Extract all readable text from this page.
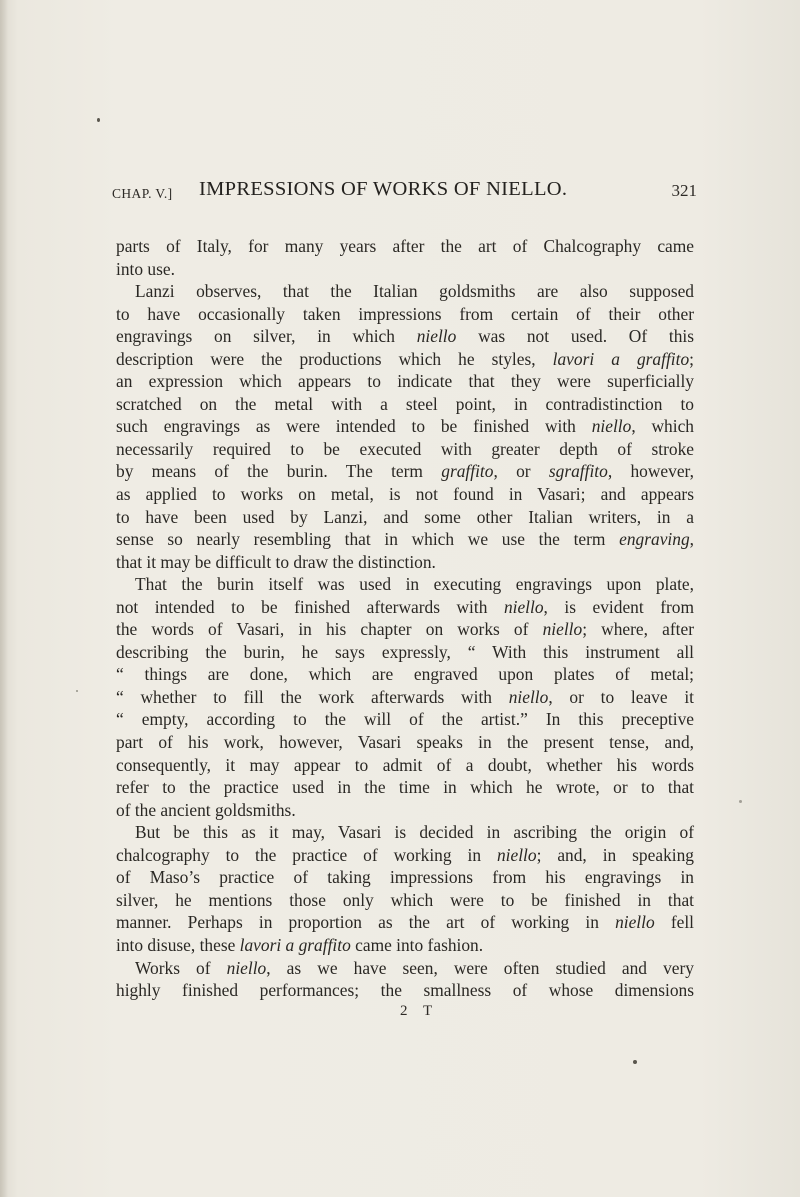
CHAP. V.] IMPRESSIONS OF WORKS OF NIELLO.	321
parts of Italy, for many years after the art of Chalcography came
into use.
Lanzi observes, that the Italian goldsmiths are also supposed
to have occasionally taken impressions from certain of their other
engravings on silver, in which niello was not used. Of this
description were the productions which he styles, lavori a graffito;
an expression which appears to indicate that they were superficially
scratched on the metal with a steel point, in contradistinction to
such engravings as were intended to be finished with niello, which
necessarily required to be executed with greater depth of stroke
by means of the burin. The term graffito, or sgraffito, however,
as applied to works on metal, is not found in Vasari; and appears
to have been used by Lanzi, and some other Italian writers, in a
sense so nearly resembling that in which we use the term engraving,
that it may be difficult to draw the distinction.
That the burin itself was used in executing engravings upon plate,
not intended to be finished afterwards with niello, is evident from
the words of Vasari, in his chapter on works of niello; where, after
describing the burin, he says expressly, “ With this instrument all
“ things are done, which are engraved upon plates of metal;
“ whether to fill the work afterwards with niello, or to leave it
“ empty, according to the will of the artist.” In this preceptive
part of his work, however, Vasari speaks in the present tense, and,
consequently, it may appear to admit of a doubt, whether his words
refer to the practice used in the time in which he wrote, or to that
of the ancient goldsmiths.
But be this as it may, Vasari is decided in ascribing the origin of
chalcography to the practice of working in niello; and, in speaking
of Maso’s practice of taking impressions from his engravings in
silver, he mentions those only which were to be finished in that
manner. Perhaps in proportion as the art of working in niello fell
into disuse, these lavori a graffito came into fashion.
Works of niello, as we have seen, were often studied and very
highly finished performances; the smallness of whose dimensions
2 T
